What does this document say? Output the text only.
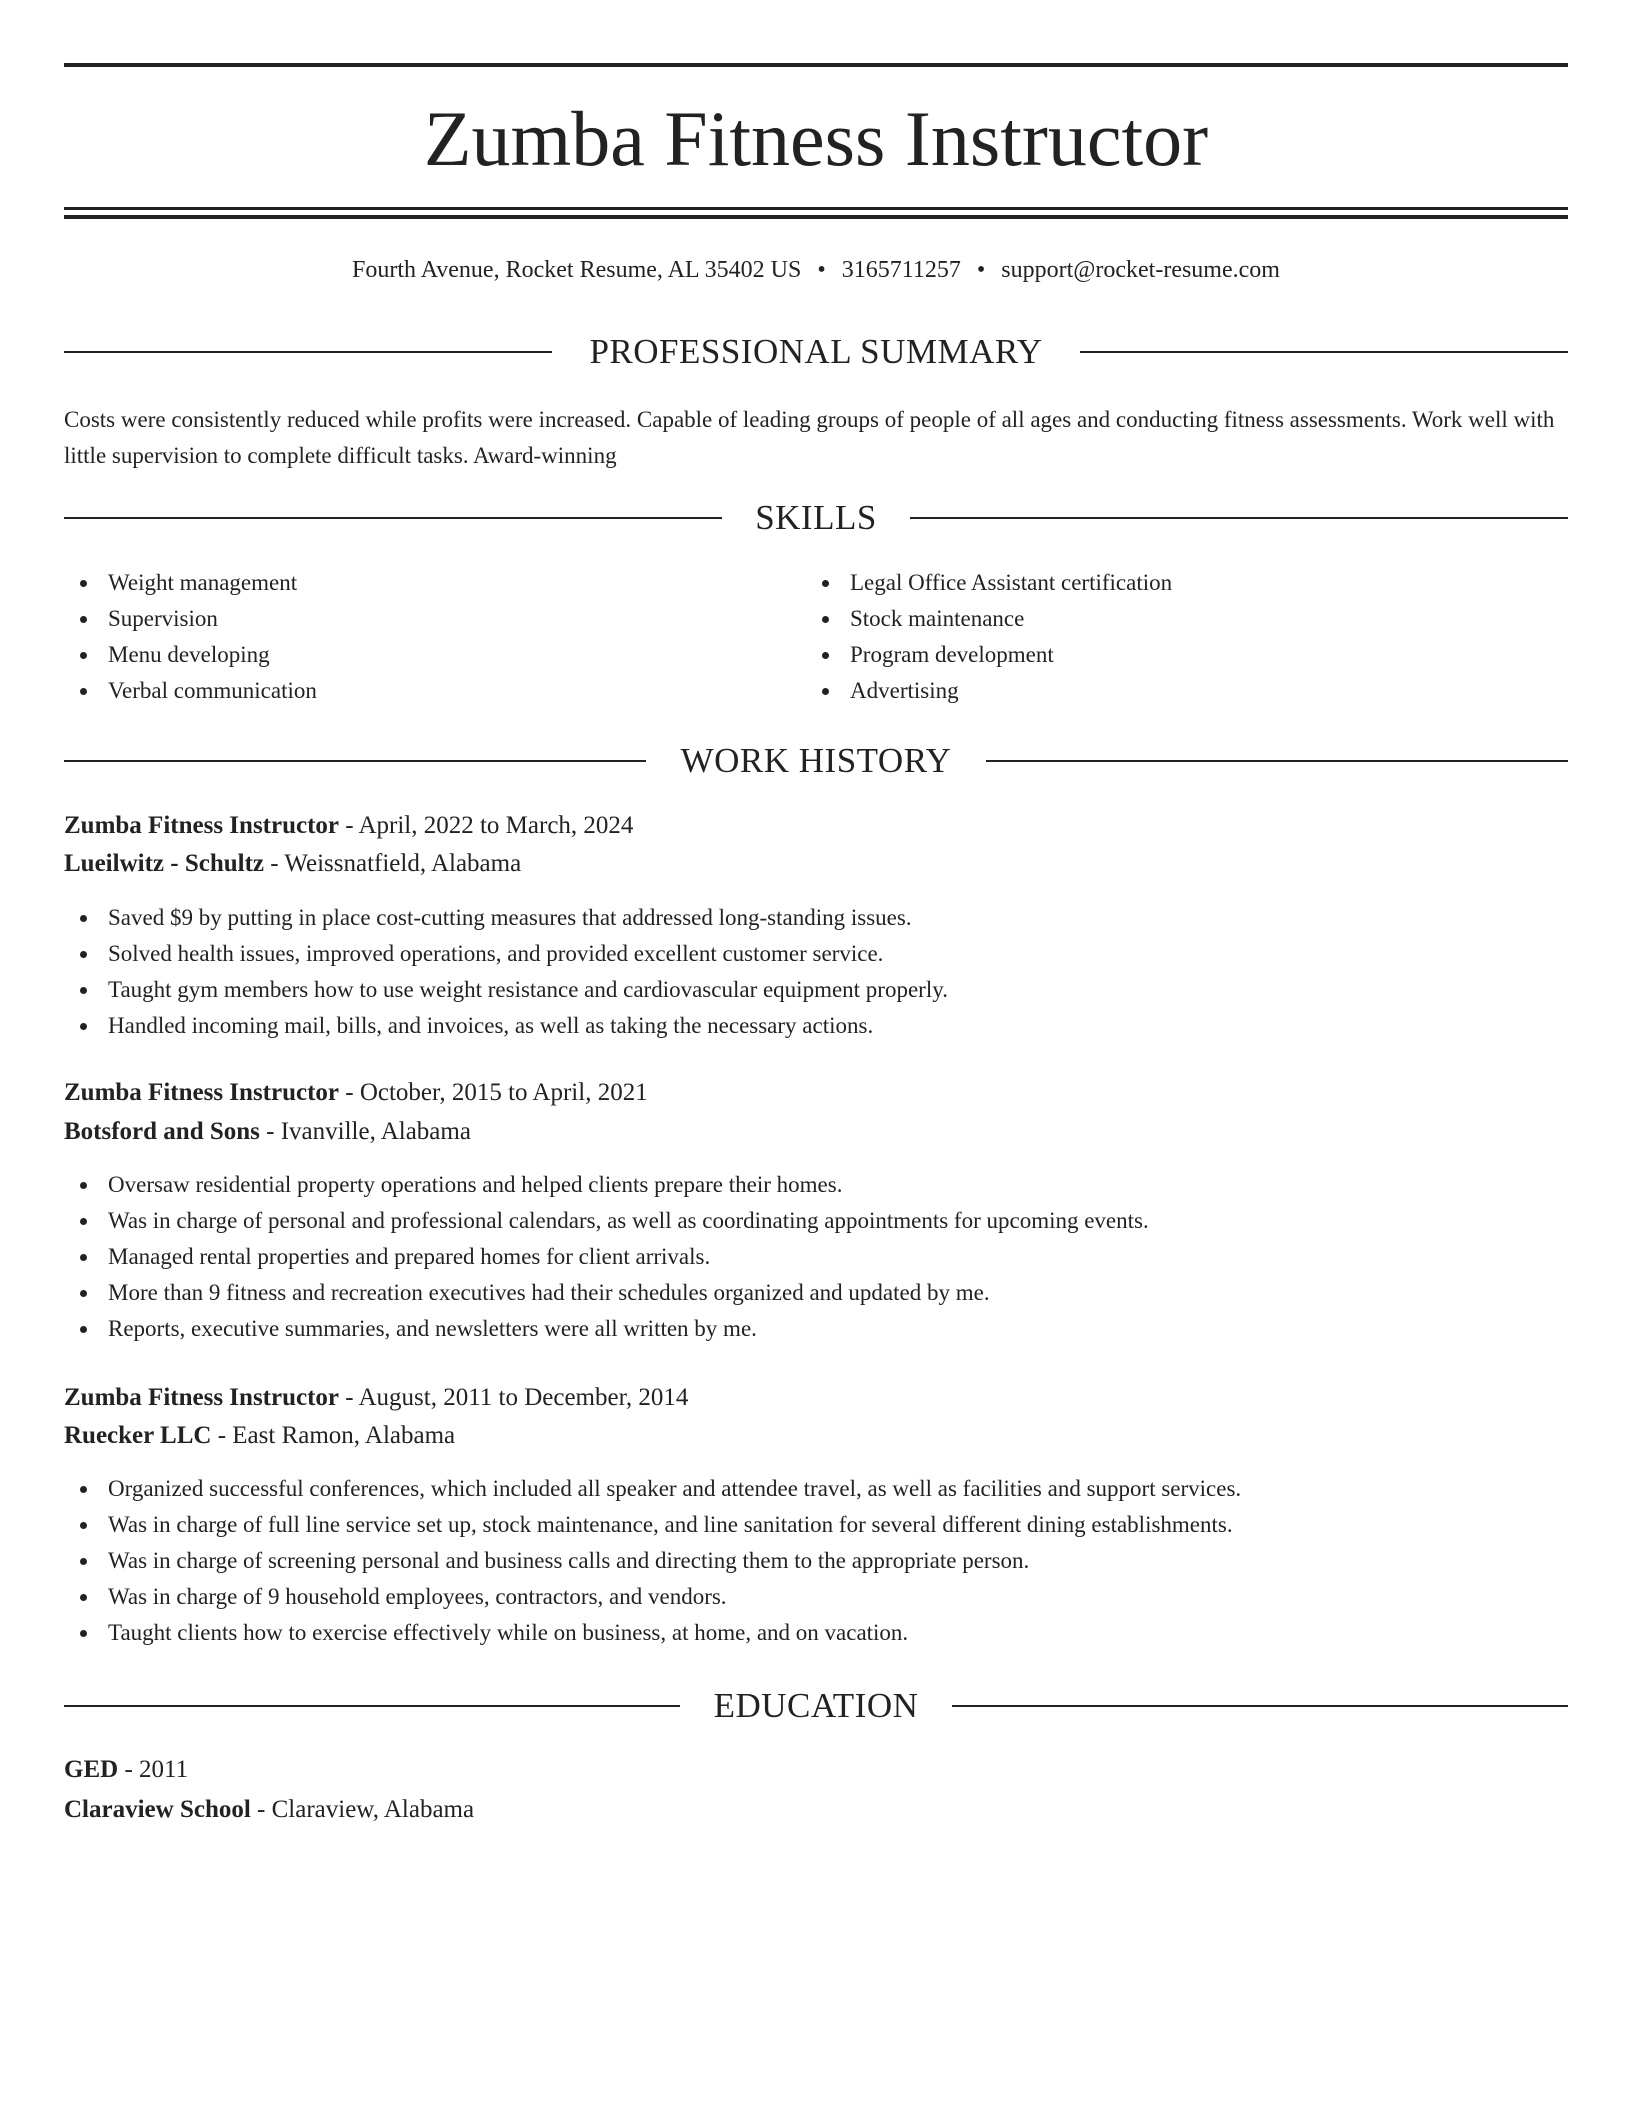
Zumba Fitness Instructor
Fourth Avenue, Rocket Resume, AL 35402 US • 3165711257 • support@rocket-resume.com
PROFESSIONAL SUMMARY

Costs were consistently reduced while profits were increased. Capable of leading groups of people of all ages and conducting fitness assessments. Work well with little supervision to complete difficult tasks. Award-winning

SKILLS
Weight management
Supervision
Menu developing
Verbal communication
Legal Office Assistant certification
Stock maintenance
Program development
Advertising
WORK HISTORY
Zumba Fitness Instructor - April, 2022 to March, 2024
Lueilwitz - Schultz - Weissnatfield, Alabama
Saved $9 by putting in place cost-cutting measures that addressed long-standing issues.
Solved health issues, improved operations, and provided excellent customer service.
Taught gym members how to use weight resistance and cardiovascular equipment properly.
Handled incoming mail, bills, and invoices, as well as taking the necessary actions.
Zumba Fitness Instructor - October, 2015 to April, 2021
Botsford and Sons - Ivanville, Alabama
Oversaw residential property operations and helped clients prepare their homes.
Was in charge of personal and professional calendars, as well as coordinating appointments for upcoming events.
Managed rental properties and prepared homes for client arrivals.
More than 9 fitness and recreation executives had their schedules organized and updated by me.
Reports, executive summaries, and newsletters were all written by me.
Zumba Fitness Instructor - August, 2011 to December, 2014
Ruecker LLC - East Ramon, Alabama
Organized successful conferences, which included all speaker and attendee travel, as well as facilities and support services.
Was in charge of full line service set up, stock maintenance, and line sanitation for several different dining establishments.
Was in charge of screening personal and business calls and directing them to the appropriate person.
Was in charge of 9 household employees, contractors, and vendors.
Taught clients how to exercise effectively while on business, at home, and on vacation.
EDUCATION
GED - 2011
Claraview School - Claraview, Alabama
